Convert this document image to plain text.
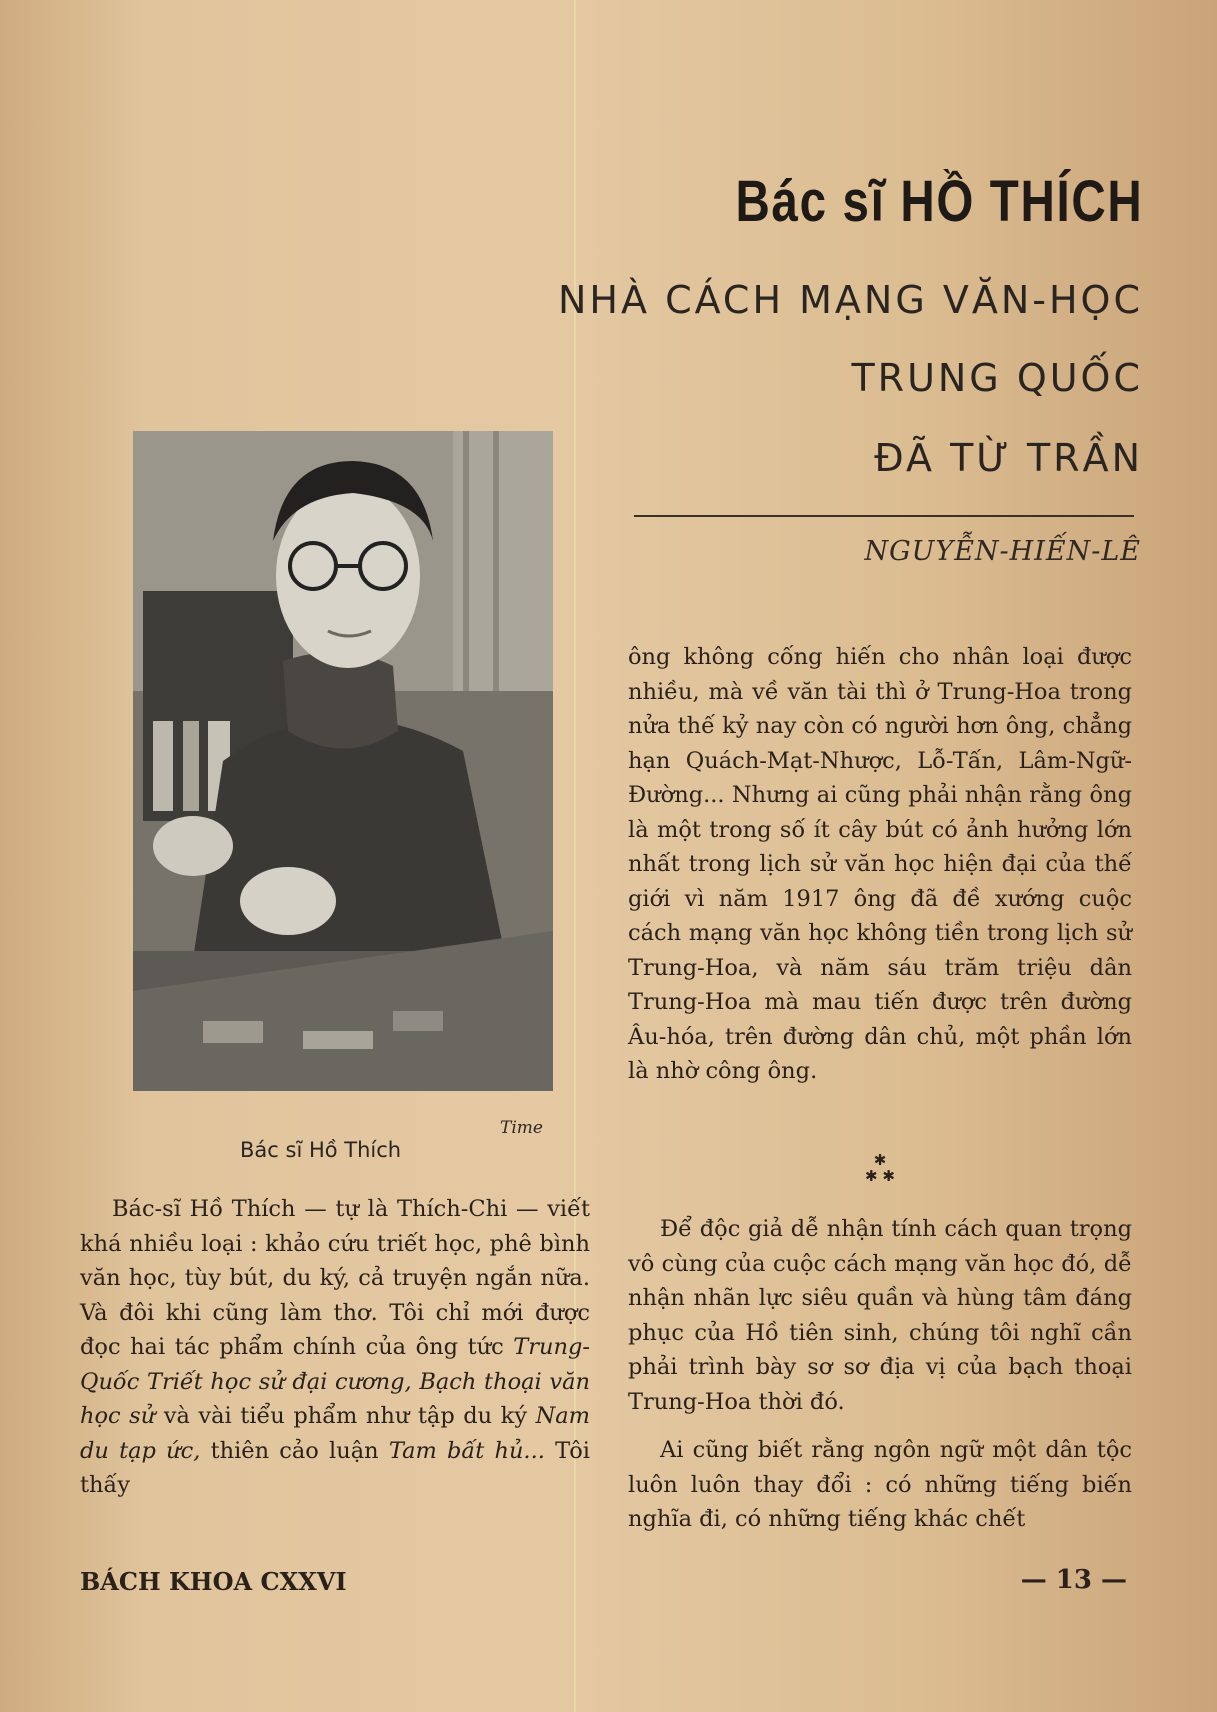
Bác sĩ HỒ THÍCH
NHÀ CÁCH MẠNG VĂN-HỌC
TRUNG QUỐC
ĐÃ TỪ TRẦN
NGUYỄN-HIẾN-LÊ
Time
Bác sĩ Hồ Thích

Bác-sĩ Hồ Thích — tự là Thích-Chi — viết khá nhiều loại : khảo cứu triết học, phê bình văn học, tùy bút, du ký, cả truyện ngắn nữa. Và đôi khi cũng làm thơ. Tôi chỉ mới được đọc hai tác phẩm chính của ông tức Trung-Quốc Triết học sử đại cương, Bạch thoại văn học sử và vài tiểu phẩm như tập du ký Nam du tạp ức, thiên cảo luận Tam bất hủ... Tôi thấy

ông không cống hiến cho nhân loại được nhiều, mà về văn tài thì ở Trung-Hoa trong nửa thế kỷ nay còn có người hơn ông, chẳng hạn Quách-Mạt-Nhược, Lỗ-Tấn, Lâm-Ngữ-Đường... Nhưng ai cũng phải nhận rằng ông là một trong số ít cây bút có ảnh hưởng lớn nhất trong lịch sử văn học hiện đại của thế giới vì năm 1917 ông đã đề xướng cuộc cách mạng văn học không tiền trong lịch sử Trung-Hoa, và năm sáu trăm triệu dân Trung-Hoa mà mau tiến được trên đường Âu-hóa, trên đường dân chủ, một phần lớn là nhờ công ông.

✱
✱ ✱

Để độc giả dễ nhận tính cách quan trọng vô cùng của cuộc cách mạng văn học đó, dễ nhận nhãn lực siêu quần và hùng tâm đáng phục của Hồ tiên sinh, chúng tôi nghĩ cần phải trình bày sơ sơ địa vị của bạch thoại Trung-Hoa thời đó.

Ai cũng biết rằng ngôn ngữ một dân tộc luôn luôn thay đổi : có những tiếng biến nghĩa đi, có những tiếng khác chết

BÁCH KHOA CXXVI	— 13 —
